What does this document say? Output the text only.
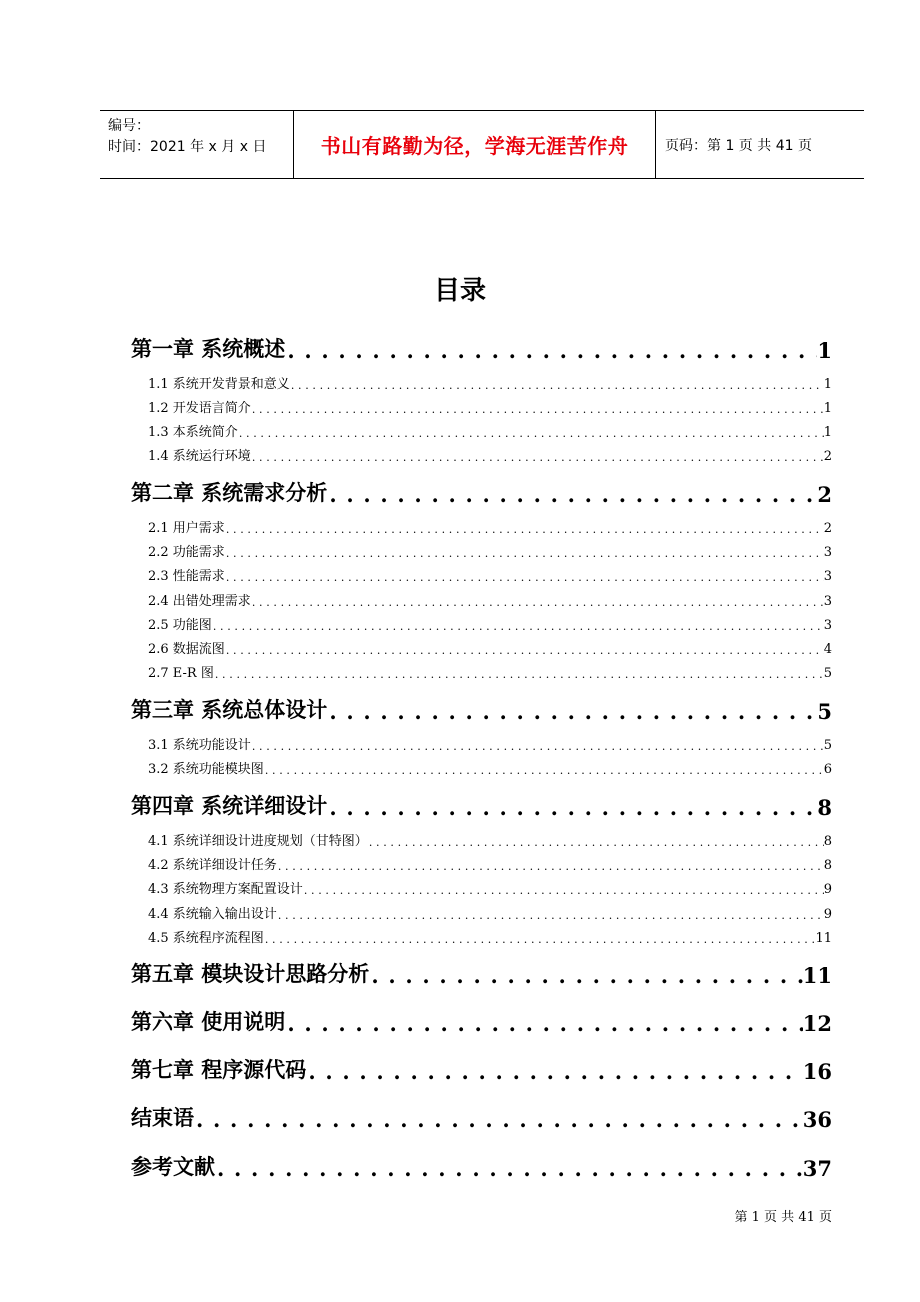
编号：
时间：2021 年 x 月 x 日	书山有路勤为径，学海无涯苦作舟	页码：第 1 页 共 41 页
目录
第一章 系统概述 . . .	1
1.1 系统开发背景和意义 . . .	1
1.2 开发语言简介 . . .	1
1.3 本系统简介 . . .	1
1.4 系统运行环境 . . .	2
第二章 系统需求分析 . . .	2
2.1 用户需求 . . .	2
2.2 功能需求 . . .	3
2.3 性能需求 . . .	3
2.4 出错处理需求 . . .	3
2.5 功能图 . . .	3
2.6 数据流图 . . .	4
2.7 E-R 图 . . .	5
第三章 系统总体设计 . . .	5
3.1 系统功能设计 . . .	5
3.2 系统功能模块图 . . .	6
第四章 系统详细设计 . . .	8
4.1 系统详细设计进度规划（甘特图） . . .	8
4.2 系统详细设计任务 . . .	8
4.3 系统物理方案配置设计 . . .	9
4.4 系统输入输出设计 . . .	9
4.5 系统程序流程图 . . .	11
第五章 模块设计思路分析 . . .	11
第六章 使用说明 . . .	12
第七章 程序源代码 . . .	16
结束语 . . .	36
参考文献 . . .	37
第 1 页 共 41 页
